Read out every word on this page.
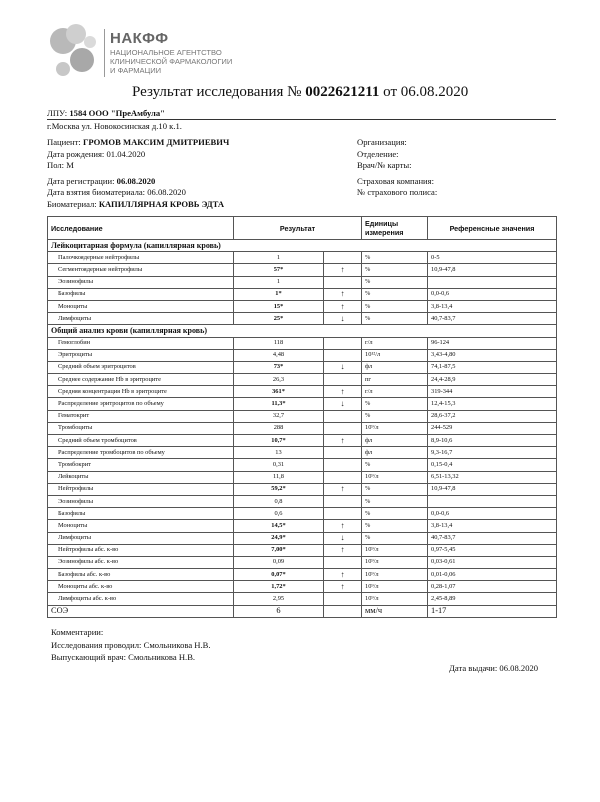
НАКФФ
НАЦИОНАЛЬНОЕ АГЕНТСТВО
КЛИНИЧЕСКОЙ ФАРМАКОЛОГИИ
И ФАРМАЦИИ
Результат исследования № 0022621211 от 06.08.2020
ЛПУ: 1584 ООО "ПреАмбула"
г.Москва ул. Новокосинская д.10 к.1.
Пациент: ГРОМОВ МАКСИМ ДМИТРИЕВИЧ
Дата рождения: 01.04.2020
Пол: М
Дата регистрации: 06.08.2020
Дата взятия биоматериала: 06.08.2020
Биоматериал: КАПИЛЛЯРНАЯ КРОВЬ ЭДТА
Организация:
Отделение:
Врач/№ карты:
Страховая компания:
№ страхового полиса:
Исследование	Результат		Единицы измерения	Референсные значения
Лейкоцитарная формула (капиллярная кровь)				
Палочкоядерные нейтрофилы	1		%	0-5
Сегментоядерные нейтрофилы	57*	↑	%	10,9-47,8
Эозинофилы	1		%	
Базофилы	1*	↑	%	0,0-0,6
Моноциты	15*	↑	%	3,8-13,4
Лимфоциты	25*	↓	%	40,7-83,7
Общий анализ крови (капиллярная кровь)				
Гемоглобин	118		г/л	96-124
Эритроциты	4,48		10¹²/л	3,43-4,80
Средний объем эритроцитов	73*	↓	фл	74,1-87,5
Среднее содержание Hb в эритроците	26,3		пг	24,4-28,9
Средняя концентрация Hb в эритроците	361*	↑	г/л	319-344
Распределение эритроцитов по объему	11,3*	↓	%	12,4-15,3
Гематокрит	32,7		%	28,6-37,2
Тромбоциты	288		10⁹/л	244-529
Средний объем тромбоцитов	10,7*	↑	фл	8,9-10,6
Распределение тромбоцитов по объему	13		фл	9,3-16,7
Тромбокрит	0,31		%	0,15-0,4
Лейкоциты	11,8		10⁹/л	6,51-13,32
Нейтрофилы	59,2*	↑	%	10,9-47,8
Эозинофилы	0,8		%	
Базофилы	0,6		%	0,0-0,6
Моноциты	14,5*	↑	%	3,8-13,4
Лимфоциты	24,9*	↓	%	40,7-83,7
Нейтрофилы абс. к-во	7,00*	↑	10⁹/л	0,97-5,45
Эозинофилы абс. к-во	0,09		10⁹/л	0,03-0,61
Базофилы абс. к-во	0,07*	↑	10⁹/л	0,01-0,06
Моноциты абс. к-во	1,72*	↑	10⁹/л	0,28-1,07
Лимфоциты абс. к-во	2,95		10⁹/л	2,45-8,89
СОЭ	6		мм/ч	1-17
Комментарии:
Исследования проводил: Смольникова Н.В.
Выпускающий врач: Смольникова Н.В.
Дата выдачи: 06.08.2020
